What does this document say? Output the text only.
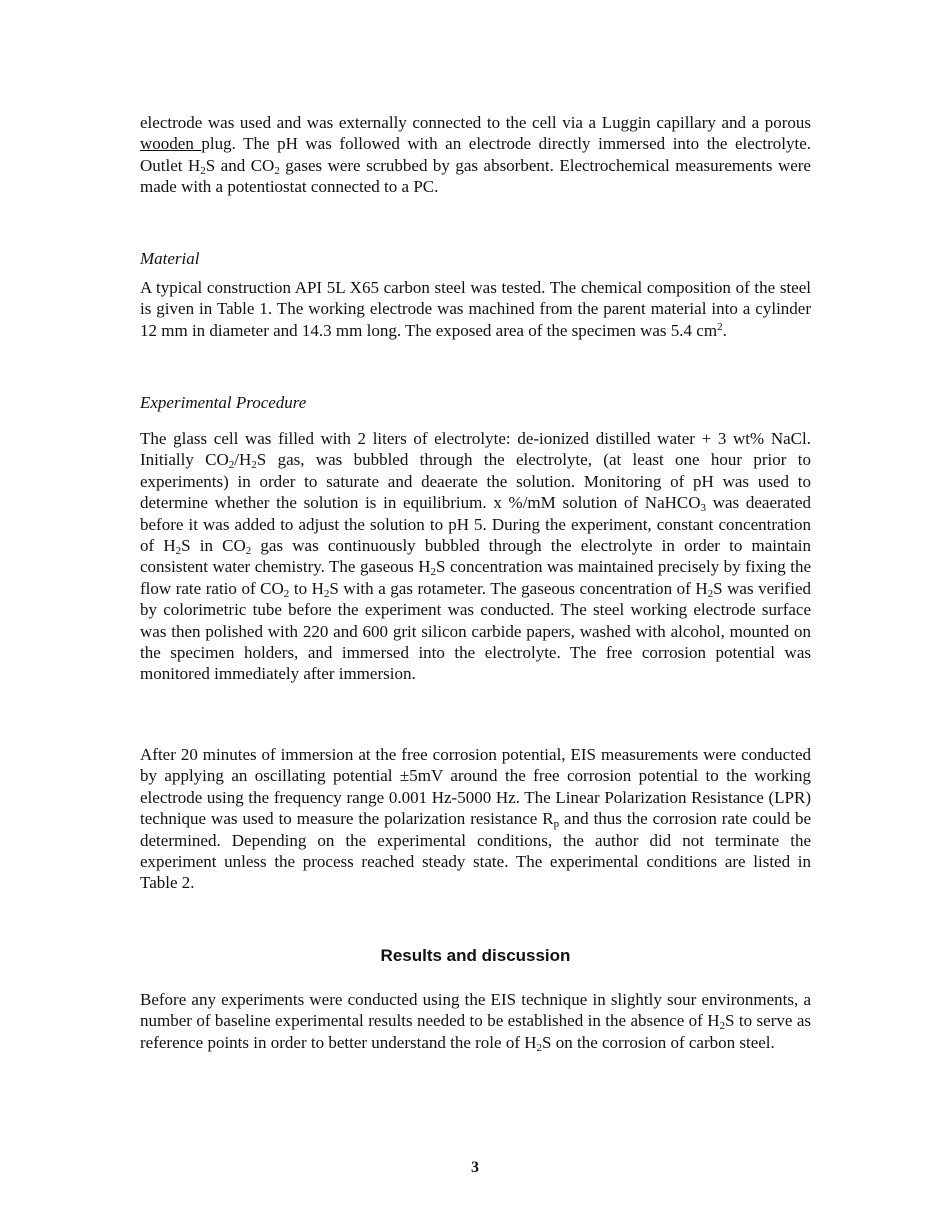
electrode was used and was externally connected to the cell via a Luggin capillary and a porous wooden plug. The pH was followed with an electrode directly immersed into the electrolyte. Outlet $H_2S$ and $CO_2$ gases were scrubbed by gas absorbent. Electrochemical measurements were made with a potentiostat connected to a PC.

Material

A typical construction API 5L X65 carbon steel was tested. The chemical composition of the steel is given in Table 1. The working electrode was machined from the parent material into a cylinder 12 mm in diameter and 14.3 mm long. The exposed area of the specimen was 5.4 $cm^2$.

Experimental Procedure

The glass cell was filled with 2 liters of electrolyte: de-ionized distilled water + 3 wt% NaCl. Initially $CO_2/H_2S$ gas, was bubbled through the electrolyte, (at least one hour prior to experiments) in order to saturate and deaerate the solution. Monitoring of pH was used to determine whether the solution is in equilibrium. x %/mM solution of NaHCO$_3$ was deaerated before it was added to adjust the solution to pH 5. During the experiment, constant concentration of $H_2S$ in $CO_2$ gas was continuously bubbled through the electrolyte in order to maintain consistent water chemistry. The gaseous $H_2S$ concentration was maintained precisely by fixing the flow rate ratio of $CO_2$ to $H_2S$ with a gas rotameter. The gaseous concentration of $H_2S$ was verified by colorimetric tube before the experiment was conducted. The steel working electrode surface was then polished with 220 and 600 grit silicon carbide papers, washed with alcohol, mounted on the specimen holders, and immersed into the electrolyte. The free corrosion potential was monitored immediately after immersion.

After 20 minutes of immersion at the free corrosion potential, EIS measurements were conducted by applying an oscillating potential ±5mV around the free corrosion potential to the working electrode using the frequency range 0.001 Hz-5000 Hz. The Linear Polarization Resistance (LPR) technique was used to measure the polarization resistance $R_p$ and thus the corrosion rate could be determined. Depending on the experimental conditions, the author did not terminate the experiment unless the process reached steady state. The experimental conditions are listed in Table 2.

Results and discussion

Before any experiments were conducted using the EIS technique in slightly sour environments, a number of baseline experimental results needed to be established in the absence of $H_2S$ to serve as reference points in order to better understand the role of $H_2S$ on the corrosion of carbon steel.

3
